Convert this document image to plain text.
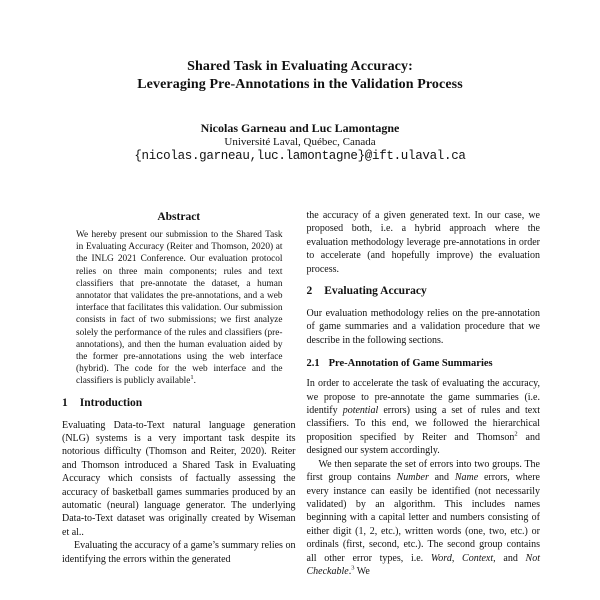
Shared Task in Evaluating Accuracy:
Leveraging Pre-Annotations in the Validation Process
Nicolas Garneau and Luc Lamontagne
Université Laval, Québec, Canada
{nicolas.garneau,luc.lamontagne}@ift.ulaval.ca
Abstract

We hereby present our submission to the Shared Task in Evaluating Accuracy (Reiter and Thomson, 2020) at the INLG 2021 Conference. Our evaluation protocol relies on three main components; rules and text classifiers that pre-annotate the dataset, a human annotator that validates the pre-annotations, and a web interface that facilitates this validation. Our submission consists in fact of two submissions; we first analyze solely the performance of the rules and classifiers (pre-annotations), and then the human evaluation aided by the former pre-annotations using the web interface (hybrid). The code for the web interface and the classifiers is publicly available$^1$.

1 Introduction

Evaluating Data-to-Text natural language generation (NLG) systems is a very important task despite its notorious difficulty (Thomson and Reiter, 2020). Reiter and Thomson introduced a Shared Task in Evaluating Accuracy which consists of factually assessing the accuracy of basketball games summaries produced by an automatic (neural) language generator. The underlying Data-to-Text dataset was originally created by Wiseman et al..

Evaluating the accuracy of a game’s summary relies on identifying the errors within the generated

the accuracy of a given generated text. In our case, we proposed both, i.e. a hybrid approach where the evaluation methodology leverage pre-annotations in order to accelerate (and hopefully improve) the evaluation process.

2 Evaluating Accuracy

Our evaluation methodology relies on the pre-annotation of game summaries and a validation procedure that we describe in the following sections.

2.1 Pre-Annotation of Game Summaries

In order to accelerate the task of evaluating the accuracy, we propose to pre-annotate the game summaries (i.e. identify potential errors) using a set of rules and text classifiers. To this end, we followed the hierarchical proposition specified by Reiter and Thomson$^2$ and designed our system accordingly.

We then separate the set of errors into two groups. The first group contains Number and Name errors, where every instance can easily be identified (not necessarily validated) by an algorithm. This includes names beginning with a capital letter and numbers consisting of either digit (1, 2, etc.), written words (one, two, etc.) or ordinals (first, second, etc.). The second group contains all other error types, i.e. Word, Context, and Not Checkable.$^3$ We
